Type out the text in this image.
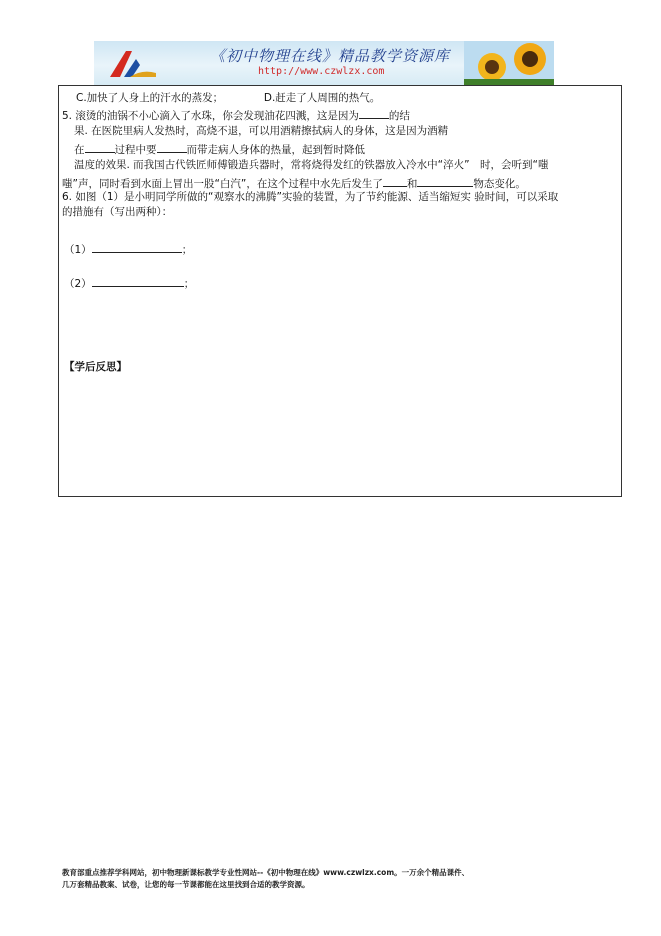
《初中物理在线》精品教学资源库
http://www.czwlzx.com
C.加快了人身上的汗水的蒸发；	D.赶走了人周围的热气。
5. 滚烫的油锅不小心滴入了水珠，你会发现油花四溅，这是因为	的结
果. 在医院里病人发热时，高烧不退，可以用酒精擦拭病人的身体，这是因为酒精
在	过程中要	而带走病人身体的热量，起到暂时降低
温度的效果. 而我国古代铁匠师傅锻造兵器时，常将烧得发红的铁器放入冷水中“淬火”　时，会听到“嗤
嗤”声，同时看到水面上冒出一股“白汽”，在这个过程中水先后发生了 和	物态变化。
6. 如图（1）是小明同学所做的“观察水的沸腾”实验的装置，为了节约能源、适当缩短实 验时间，可以采取
的措施有（写出两种）：
（1）	；
（2）	；
【学后反思】
教育部重点推荐学科网站，初中物理新课标教学专业性网站--《初中物理在线》www.czwlzx.com。一万余个精品课件、
几万套精品教案、试卷，让您的每一节课都能在这里找到合适的教学资源。
